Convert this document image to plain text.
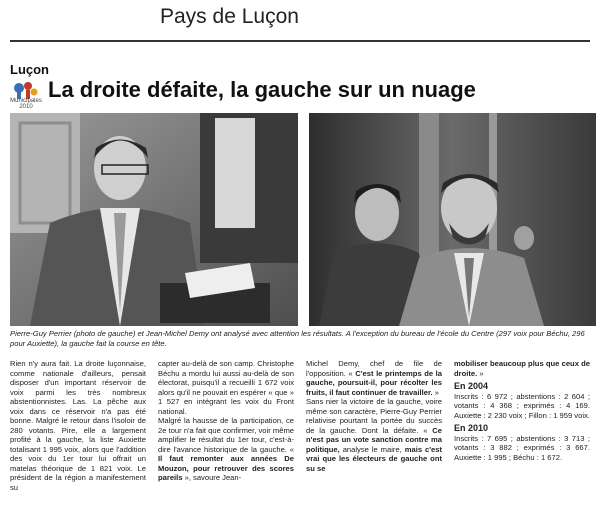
Pays de Luçon
Luçon
Municipales 2010
La droite défaite, la gauche sur un nuage
Pierre-Guy Perrier (photo de gauche) et Jean-Michel Demy ont analysé avec attention les résultats. A l'exception du bureau de l'école du Centre (297 voix pour Béchu, 296 pour Auxiette), la gauche fait la course en tête.

Rien n'y aura fait. La droite luçonnaise, comme nationale d'ailleurs, pensait disposer d'un important réservoir de voix parmi les très nombreux abstentionnistes. Las. La pêche aux voix dans ce réservoir n'a pas été bonne. Malgré le retour dans l'isoloir de 280 votants. Pire, elle a largement profité à la gauche, la liste Auxiette totalisant 1 995 voix, alors que l'addition des voix du 1er tour lui offrait un matelas théorique de 1 821 voix. Le président de la région a manifestement su

capter au-delà de son camp. Christophe Béchu a mordu lui aussi au-delà de son électorat, puisqu'il a recueilli 1 672 voix alors qu'il ne pouvait en espérer « que » 1 527 en intégrant les voix du Front national.

Malgré la hausse de la participation, ce 2e tour n'a fait que confirmer, voir même amplifier le résultat du 1er tour, c'est-à-dire l'avance historique de la gauche. « Il faut remonter aux années De Mouzon, pour retrouver des scores pareils », savoure Jean-

Michel Demy, chef de file de l'opposition. « C'est le printemps de la gauche, poursuit-il, pour récolter les fruits, il faut continuer de travailler. »

Sans nier la victoire de la gauche, voire même son caractère, Pierre-Guy Perrier relativise pourtant la portée du succès de la gauche. Dont la défaite. « Ce n'est pas un vote sanction contre ma politique, analyse le maire, mais c'est vrai que les électeurs de gauche ont su se

mobiliser beaucoup plus que ceux de droite. »

En 2004

Inscrits : 6 972 ; abstentions : 2 604 ; votants : 4 368 ; exprimés : 4 169. Auxiette : 2 230 voix ; Fillon : 1 959 voix.

En 2010

Inscrits : 7 695 ; abstentions : 3 713 ; votants : 3 882 ; exprimés : 3 667. Auxiette : 1 995 ; Béchu : 1 672.
